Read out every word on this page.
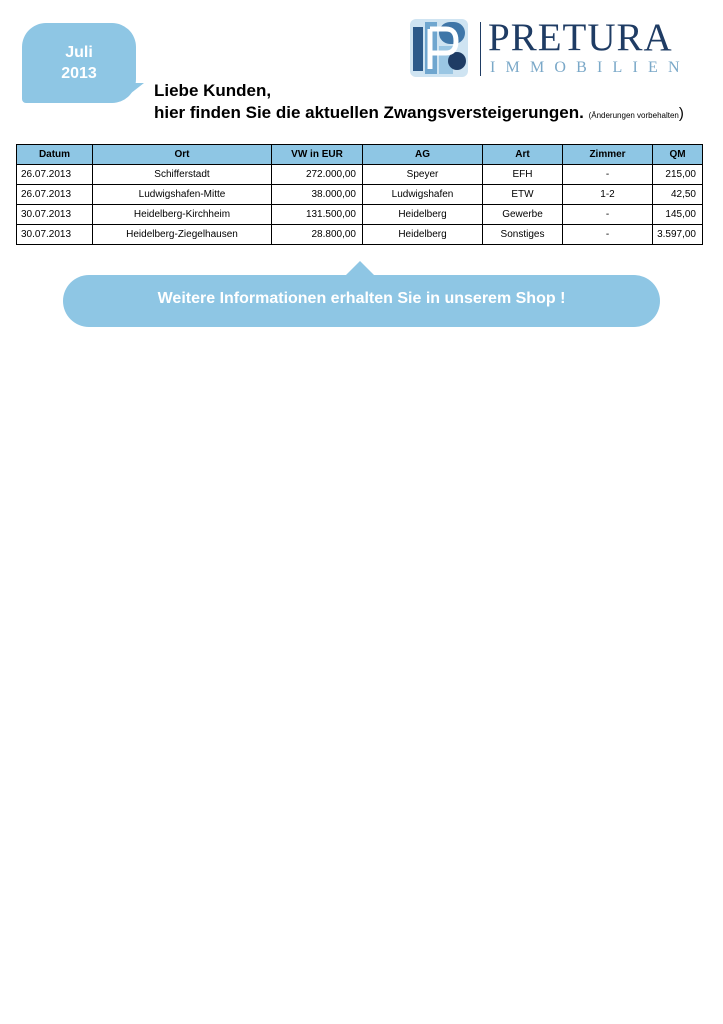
Juli
2013
PRETURA
IMMOBILIEN
Liebe Kunden,
hier finden Sie die aktuellen Zwangsversteigerungen. (Änderungen vorbehalten)
Datum	Ort	VW in EUR	AG	Art	Zimmer	QM
26.07.2013	Schifferstadt	272.000,00	Speyer	EFH	-	215,00
26.07.2013	Ludwigshafen-Mitte	38.000,00	Ludwigshafen	ETW	1-2	42,50
30.07.2013	Heidelberg-Kirchheim	131.500,00	Heidelberg	Gewerbe	-	145,00
30.07.2013	Heidelberg-Ziegelhausen	28.800,00	Heidelberg	Sonstiges	-	3.597,00
Weitere Informationen erhalten Sie in unserem Shop !
